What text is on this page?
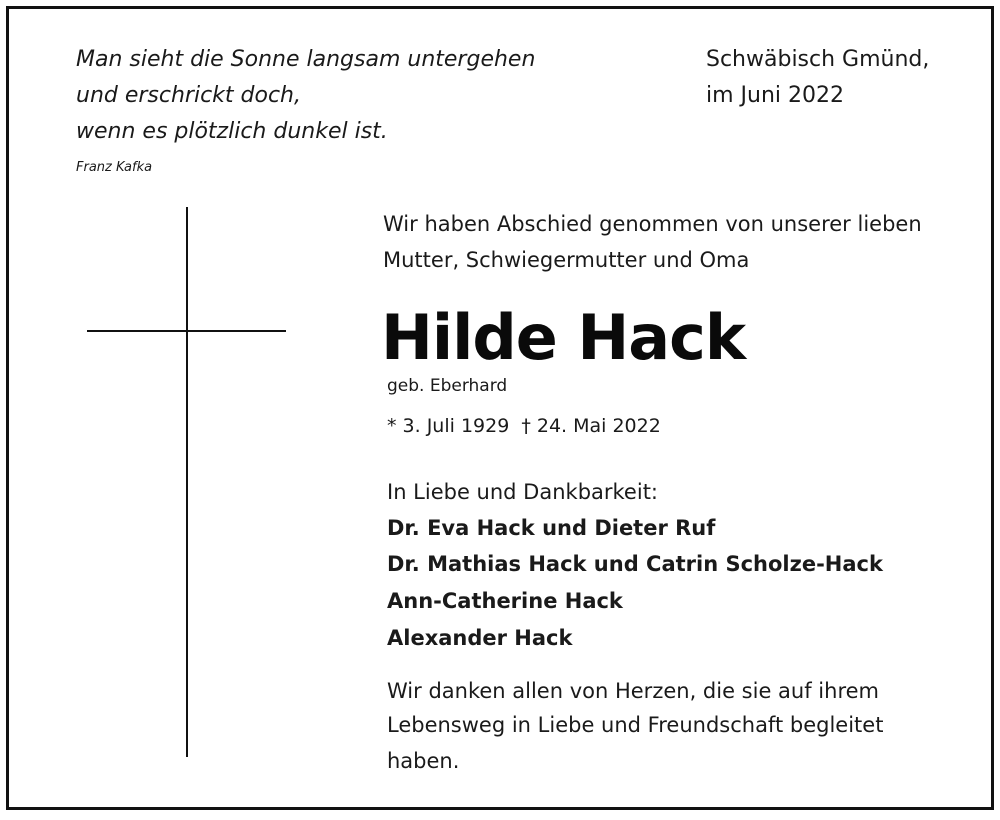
Man sieht die Sonne langsam untergehen
und erschrickt doch,
wenn es plötzlich dunkel ist.
Franz Kafka
Schwäbisch Gmünd,
im Juni 2022
Wir haben Abschied genommen von unserer lieben
Mutter, Schwiegermutter und Oma
Hilde Hack
geb. Eberhard
* 3. Juli 1929 † 24. Mai 2022
In Liebe und Dankbarkeit:
Dr. Eva Hack und Dieter Ruf
Dr. Mathias Hack und Catrin Scholze-Hack
Ann-Catherine Hack
Alexander Hack
Wir danken allen von Herzen, die sie auf ihrem
Lebensweg in Liebe und Freundschaft begleitet
haben.
